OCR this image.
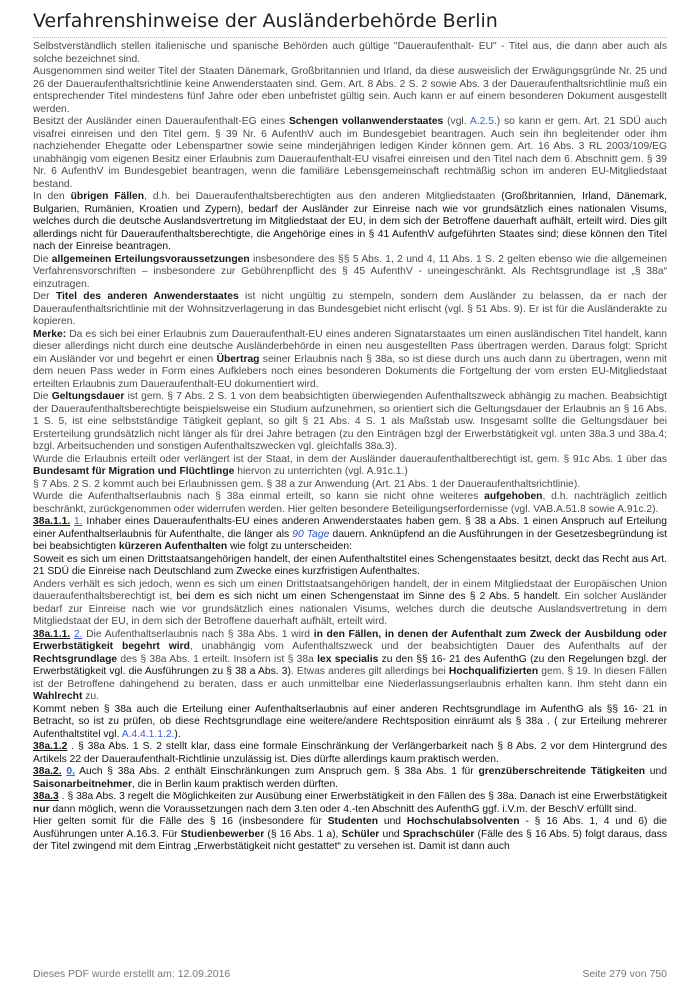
Verfahrenshinweise der Ausländerbehörde Berlin

Selbstverständlich stellen italienische und spanische Behörden auch gültige "Daueraufenthalt- EU" - Titel aus, die dann aber auch als solche bezeichnet sind.

Ausgenommen sind weiter Titel der Staaten Dänemark, Großbritannien und Irland, da diese ausweislich der Erwägungsgründe Nr. 25 und 26 der Daueraufenthaltsrichtlinie keine Anwenderstaaten sind. Gem. Art. 8 Abs. 2 S. 2 sowie Abs. 3 der Daueraufenthaltsrichtlinie muß ein entsprechender Titel mindestens fünf Jahre oder eben unbefristet gültig sein. Auch kann er auf einem besonderen Dokument ausgestellt werden.

Besitzt der Ausländer einen Daueraufenthalt-EG eines Schengen vollanwenderstaates (vgl. A.2.5.) so kann er gem. Art. 21 SDÜ auch visafrei einreisen und den Titel gem. § 39 Nr. 6 AufenthV auch im Bundesgebiet beantragen. Auch sein ihn begleitender oder ihm nachziehender Ehegatte oder Lebenspartner sowie seine minderjährigen ledigen Kinder können gem. Art. 16 Abs. 3 RL 2003/109/EG unabhängig vom eigenen Besitz einer Erlaubnis zum Daueraufenthalt-EU visafrei einreisen und den Titel nach dem 6. Abschnitt gem. § 39 Nr. 6 AufenthV im Bundesgebiet beantragen, wenn die familiäre Lebensgemeinschaft rechtmäßig schon im anderen EU-Mitgliedstaat bestand.

In den übrigen Fällen, d.h. bei Daueraufenthaltsberechtigten aus den anderen Mitgliedstaaten (Großbritannien, Irland, Dänemark, Bulgarien, Rumänien, Kroatien und Zypern), bedarf der Ausländer zur Einreise nach wie vor grundsätzlich eines nationalen Visums, welches durch die deutsche Auslandsvertretung im Mitgliedstaat der EU, in dem sich der Betroffene dauerhaft aufhält, erteilt wird. Dies gilt allerdings nicht für Daueraufenthaltsberechtigte, die Angehörige eines in § 41 AufenthV aufgeführten Staates sind; diese können den Titel nach der Einreise beantragen.

Die allgemeinen Erteilungsvoraussetzungen insbesondere des §§ 5 Abs. 1, 2 und 4, 11 Abs. 1 S. 2 gelten ebenso wie die allgemeinen Verfahrensvorschriften – insbesondere zur Gebührenpflicht des § 45 AufenthV - uneingeschränkt. Als Rechtsgrundlage ist „§ 38a“ einzutragen.

Der Titel des anderen Anwenderstaates ist nicht ungültig zu stempeln, sondern dem Ausländer zu belassen, da er nach der Daueraufenthaltsrichtlinie mit der Wohnsitzverlagerung in das Bundesgebiet nicht erlischt (vgl. § 51 Abs. 9). Er ist für die Ausländerakte zu kopieren.

Merke: Da es sich bei einer Erlaubnis zum Daueraufenthalt-EU eines anderen Signatarstaates um einen ausländischen Titel handelt, kann dieser allerdings nicht durch eine deutsche Ausländerbehörde in einen neu ausgestellten Pass übertragen werden. Daraus folgt: Spricht ein Ausländer vor und begehrt er einen Übertrag seiner Erlaubnis nach § 38a, so ist diese durch uns auch dann zu übertragen, wenn mit dem neuen Pass weder in Form eines Aufklebers noch eines besonderen Dokuments die Fortgeltung der vom ersten EU-Mitgliedstaat erteilten Erlaubnis zum Daueraufenthalt-EU dokumentiert wird.

Die Geltungsdauer ist gem. § 7 Abs. 2 S. 1 von dem beabsichtigten überwiegenden Aufenthaltszweck abhängig zu machen. Beabsichtigt der Daueraufenthaltsberechtigte beispielsweise ein Studium aufzunehmen, so orientiert sich die Geltungsdauer der Erlaubnis an § 16 Abs. 1 S. 5, ist eine selbstständige Tätigkeit geplant, so gilt § 21 Abs. 4 S. 1 als Maßstab usw. Insgesamt sollte die Geltungsdauer bei Ersterteilung grundsätzlich nicht länger als für drei Jahre betragen (zu den Einträgen bzgl der Erwerbstätigkeit vgl. unten 38a.3 und 38a.4; bzgl. Arbeitsuchenden und sonstigen Aufenthaltszwecken vgl. gleichfalls 38a.3).

Wurde die Erlaubnis erteilt oder verlängert ist der Staat, in dem der Ausländer daueraufenthaltberechtigt ist, gem. § 91c Abs. 1 über das Bundesamt für Migration und Flüchtlinge hiervon zu unterrichten (vgl. A.91c.1.)

§ 7 Abs. 2 S. 2 kommt auch bei Erlaubnissen gem. § 38 a zur Anwendung (Art. 21 Abs. 1 der Daueraufenthaltsrichtlinie).

Wurde die Aufenthaltserlaubnis nach § 38a einmal erteilt, so kann sie nicht ohne weiteres aufgehoben, d.h. nachträglich zeitlich beschränkt, zurückgenommen oder widerrufen werden. Hier gelten besondere Beteiligungserfordernisse (vgl. VAB.A.51.8 sowie A.91c.2).

38a.1.1. 1. Inhaber eines Daueraufenthalts-EU eines anderen Anwenderstaates haben gem. § 38 a Abs. 1 einen Anspruch auf Erteilung einer Aufenthaltserlaubnis für Aufenthalte, die länger als 90 Tage dauern. Anknüpfend an die Ausführungen in der Gesetzesbegründung ist bei beabsichtigten kürzeren Aufenthalten wie folgt zu unterscheiden:

Soweit es sich um einen Drittstaatsangehörigen handelt, der einen Aufenthaltstitel eines Schengenstaates besitzt, deckt das Recht aus Art. 21 SDÜ die Einreise nach Deutschland zum Zwecke eines kurzfristigen Aufenthaltes.

Anders verhält es sich jedoch, wenn es sich um einen Drittstaatsangehörigen handelt, der in einem Mitgliedstaat der Europäischen Union daueraufenthaltsberechtigt ist, bei dem es sich nicht um einen Schengenstaat im Sinne des § 2 Abs. 5 handelt. Ein solcher Ausländer bedarf zur Einreise nach wie vor grundsätzlich eines nationalen Visums, welches durch die deutsche Auslandsvertretung in dem Mitgliedstaat der EU, in dem sich der Betroffene dauerhaft aufhält, erteilt wird.

38a.1.1. 2. Die Aufenthaltserlaubnis nach § 38a Abs. 1 wird in den Fällen, in denen der Aufenthalt zum Zweck der Ausbildung oder Erwerbstätigkeit begehrt wird, unabhängig vom Aufenthaltszweck und der beabsichtigten Dauer des Aufenthalts auf der Rechtsgrundlage des § 38a Abs. 1 erteilt. Insofern ist § 38a lex specialis zu den §§ 16- 21 des AufenthG (zu den Regelungen bzgl. der Erwerbstätigkeit vgl. die Ausführungen zu § 38 a Abs. 3). Etwas anderes gilt allerdings bei Hochqualifizierten gem. § 19. In diesen Fällen ist der Betroffene dahingehend zu beraten, dass er auch unmittelbar eine Niederlassungserlaubnis erhalten kann. Ihm steht dann ein Wahlrecht zu.

Kommt neben § 38a auch die Erteilung einer Aufenthaltserlaubnis auf einer anderen Rechtsgrundlage im AufenthG als §§ 16- 21 in Betracht, so ist zu prüfen, ob diese Rechtsgrundlage eine weitere/andere Rechtsposition einräumt als § 38a . ( zur Erteilung mehrerer Aufenthaltstitel vgl. A.4.4.1.1.2.).

38a.1.2 . § 38a Abs. 1 S. 2 stellt klar, dass eine formale Einschränkung der Verlängerbarkeit nach § 8 Abs. 2 vor dem Hintergrund des Artikels 22 der Daueraufenthalt-Richtlinie unzulässig ist. Dies dürfte allerdings kaum praktisch werden.

38a.2. 0. Auch § 38a Abs. 2 enthält Einschränkungen zum Anspruch gem. § 38a Abs. 1 für grenzüberschreitende Tätigkeiten und Saisonarbeitnehmer, die in Berlin kaum praktisch werden dürften.

38a.3 . § 38a Abs. 3 regelt die Möglichkeiten zur Ausübung einer Erwerbstätigkeit in den Fällen des § 38a. Danach ist eine Erwerbstätigkeit nur dann möglich, wenn die Voraussetzungen nach dem 3.ten oder 4.-ten Abschnitt des AufenthG ggf. i.V.m. der BeschV erfüllt sind.

Hier gelten somit für die Fälle des § 16 (insbesondere für Studenten und Hochschulabsolventen - § 16 Abs. 1, 4 und 6) die Ausführungen unter A.16.3. Für Studienbewerber (§ 16 Abs. 1 a), Schüler und Sprachschüler (Fälle des § 16 Abs. 5) folgt daraus, dass der Titel zwingend mit dem Eintrag „Erwerbstätigkeit nicht gestattet“ zu versehen ist. Damit ist dann auch

Dieses PDF wurde erstellt am: 12.09.2016	Seite 279 von 750
